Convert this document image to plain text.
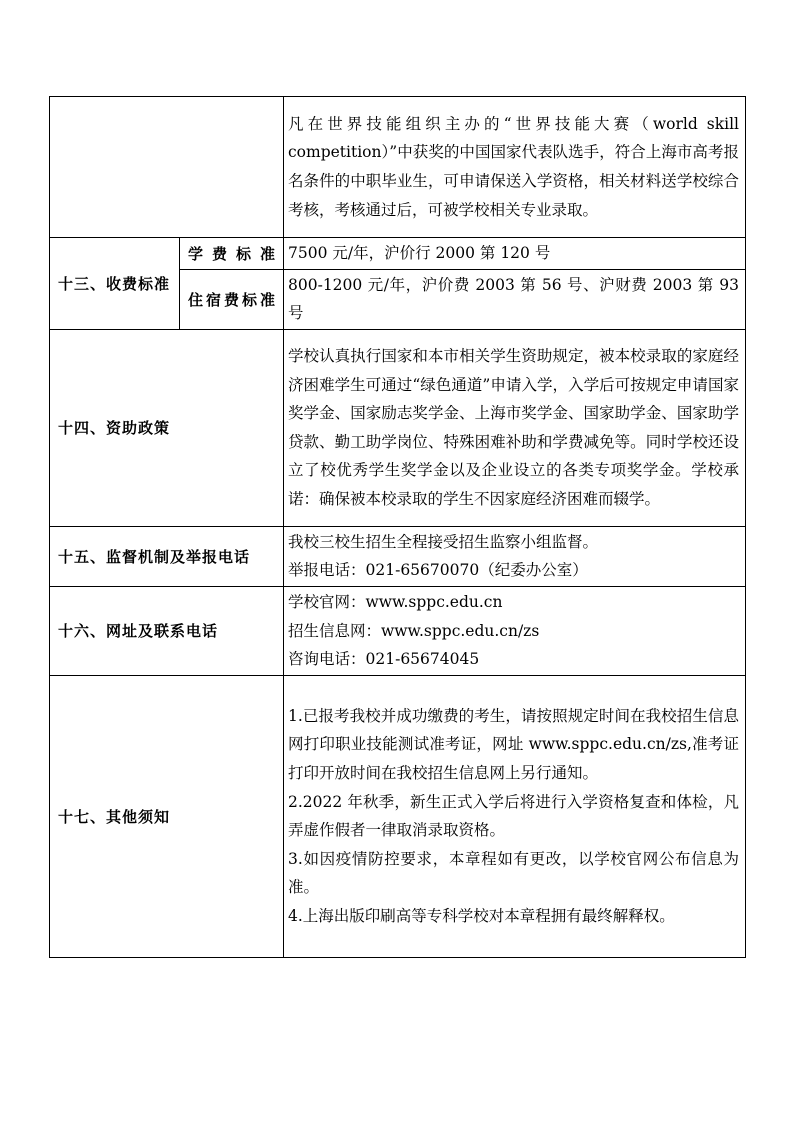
		凡在世界技能组织主办的“世界技能大赛（world skill competition）”中获奖的中国国家代表队选手，符合上海市高考报名条件的中职毕业生，可申请保送入学资格，相关材料送学校综合考核，考核通过后，可被学校相关专业录取。
十三、收费标准	学费标准	7500 元/年，沪价行 2000 第 120 号
	住宿费标准	800-1200 元/年，沪价费 2003 第 56 号、沪财费 2003 第 93 号
十四、资助政策		学校认真执行国家和本市相关学生资助规定，被本校录取的家庭经济困难学生可通过“绿色通道”申请入学，入学后可按规定申请国家奖学金、国家励志奖学金、上海市奖学金、国家助学金、国家助学贷款、勤工助学岗位、特殊困难补助和学费减免等。同时学校还设立了校优秀学生奖学金以及企业设立的各类专项奖学金。学校承诺：确保被本校录取的学生不因家庭经济困难而辍学。
十五、监督机制及举报电话		我校三校生招生全程接受招生监察小组监督。
举报电话：021-65670070（纪委办公室）

十六、网址及联系电话		学校官网：www.sppc.edu.cn
招生信息网：www.sppc.edu.cn/zs
咨询电话：021-65674045

十七、其他须知		1.已报考我校并成功缴费的考生，请按照规定时间在我校招生信息网打印职业技能测试准考证，网址 www.sppc.edu.cn/zs,准考证打印开放时间在我校招生信息网上另行通知。
2.2022 年秋季，新生正式入学后将进行入学资格复查和体检，凡弄虚作假者一律取消录取资格。
3.如因疫情防控要求，本章程如有更改，以学校官网公布信息为准。
4.上海出版印刷高等专科学校对本章程拥有最终解释权。
